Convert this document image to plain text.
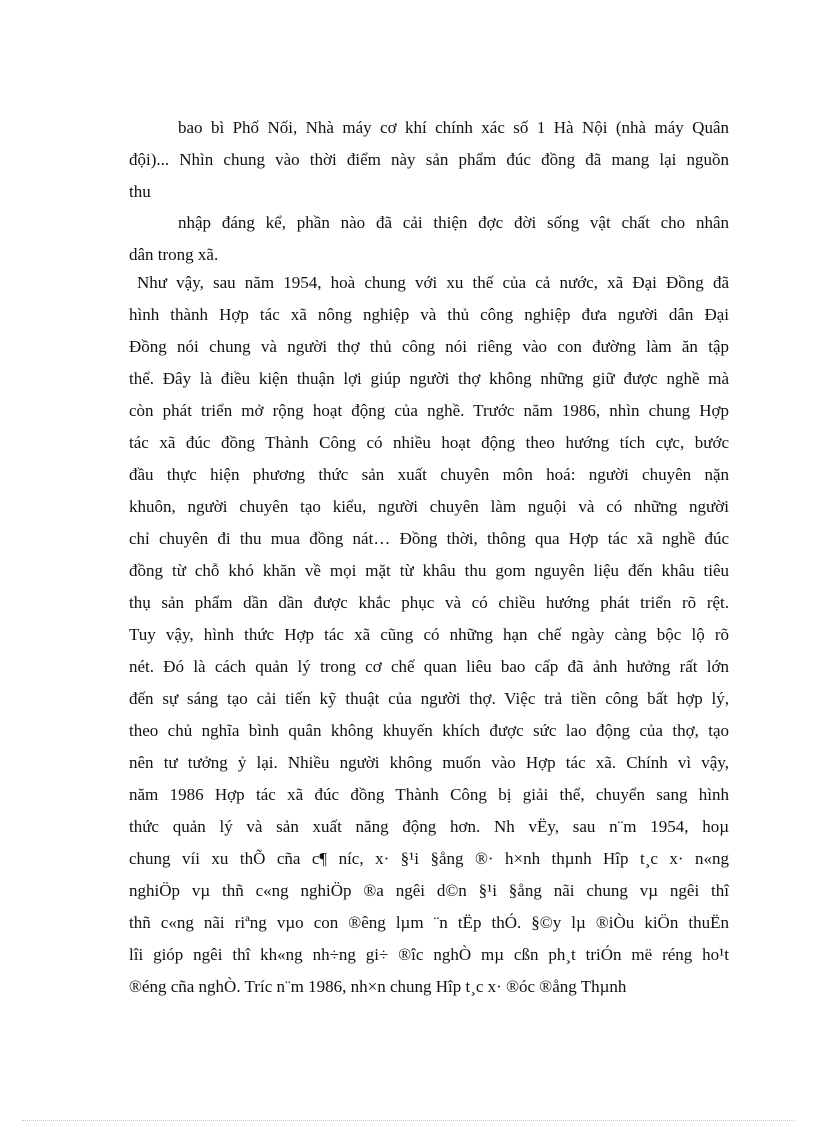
bao bì Phố Nối, Nhà máy cơ khí chính xác số 1 Hà Nội (nhà máy Quân
đội)... Nhìn chung vào thời điểm này sản phẩm đúc đồng đã mang lại nguồn
thu
nhập đáng kể, phần nào đã cải thiện đợc đời sống vật chất cho nhân
dân trong xã.
Như vậy, sau năm 1954, hoà chung với xu thế của cả nước, xã Đại Đồng đã
hình thành Hợp tác xã nông nghiệp và thủ công nghiệp đưa người dân Đại
Đồng nói chung và người thợ thủ công nói riêng vào con đường làm ăn tập
thể. Đây là điều kiện thuận lợi giúp người thợ không những giữ được nghề mà
còn phát triển mở rộng hoạt động của nghề. Trước năm 1986, nhìn chung Hợp
tác xã đúc đồng Thành Công có nhiều hoạt động theo hướng tích cực, bước
đầu thực hiện phương thức sản xuất chuyên môn hoá: người chuyên nặn
khuôn, người chuyên tạo kiểu, người chuyên làm nguội và có những người
chỉ chuyên đi thu mua đồng nát… Đồng thời, thông qua Hợp tác xã nghề đúc
đồng từ chỗ khó khăn về mọi mặt từ khâu thu gom nguyên liệu đến khâu tiêu
thụ sản phẩm dần dần được khắc phục và có chiều hướng phát triển rõ rệt.
Tuy vậy, hình thức Hợp tác xã cũng có những hạn chế ngày càng bộc lộ rõ
nét. Đó là cách quản lý trong cơ chế quan liêu bao cấp đã ảnh hưởng rất lớn
đến sự sáng tạo cải tiến kỹ thuật của người thợ. Việc trả tiền công bất hợp lý,
theo chủ nghĩa bình quân không khuyến khích được sức lao động của thợ, tạo
nên tư tưởng ỷ lại. Nhiều người không muốn vào Hợp tác xã. Chính vì vậy,
năm 1986 Hợp tác xã đúc đồng Thành Công bị giải thể, chuyển sang hình
thức quản lý và sản xuất năng động hơn. Nh vËy, sau n¨m 1954, hoµ
chung víi xu thÕ cña c¶ níc, x· §¹i §ång ®· h×nh thµnh Hîp t¸c x· n«ng
nghiÖp vµ thñ c«ng nghiÖp ®a ngêi d©n §¹i §ång nãi chung vµ ngêi thî
thñ c«ng nãi riªng vµo con ®êng lµm ¨n tËp thÓ. §©y lµ ®iÒu kiÖn thuËn
lîi gióp ngêi thî kh«ng nh÷ng gi÷ ®îc nghÒ mµ cßn ph¸t triÓn më réng ho¹t
®éng cña nghÒ. Tríc n¨m 1986, nh×n chung Hîp t¸c x· ®óc ®ång Thµnh
